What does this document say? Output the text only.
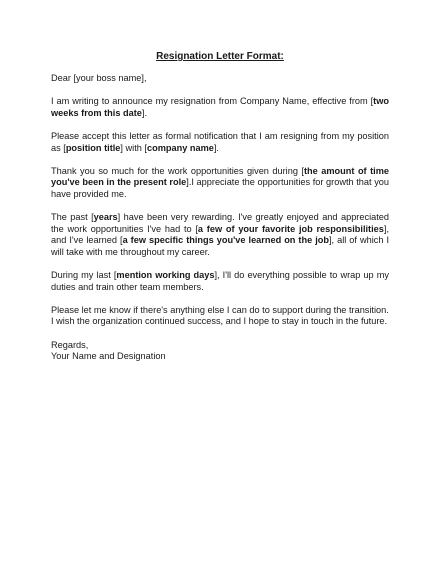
Resignation Letter Format:

Dear [your boss name],

I am writing to announce my resignation from Company Name, effective from [two weeks from this date].

Please accept this letter as formal notification that I am resigning from my position as [position title] with [company name].

Thank you so much for the work opportunities given during [the amount of time you've been in the present role].I appreciate the opportunities for growth that you have provided me.

The past [years] have been very rewarding. I've greatly enjoyed and appreciated the work opportunities I've had to [a few of your favorite job responsibilities], and I've learned [a few specific things you've learned on the job], all of which I will take with me throughout my career.

During my last [mention working days], I'll do everything possible to wrap up my duties and train other team members.

Please let me know if there's anything else I can do to support during the transition.

I wish the organization continued success, and I hope to stay in touch in the future.

Regards,

Your Name and Designation
